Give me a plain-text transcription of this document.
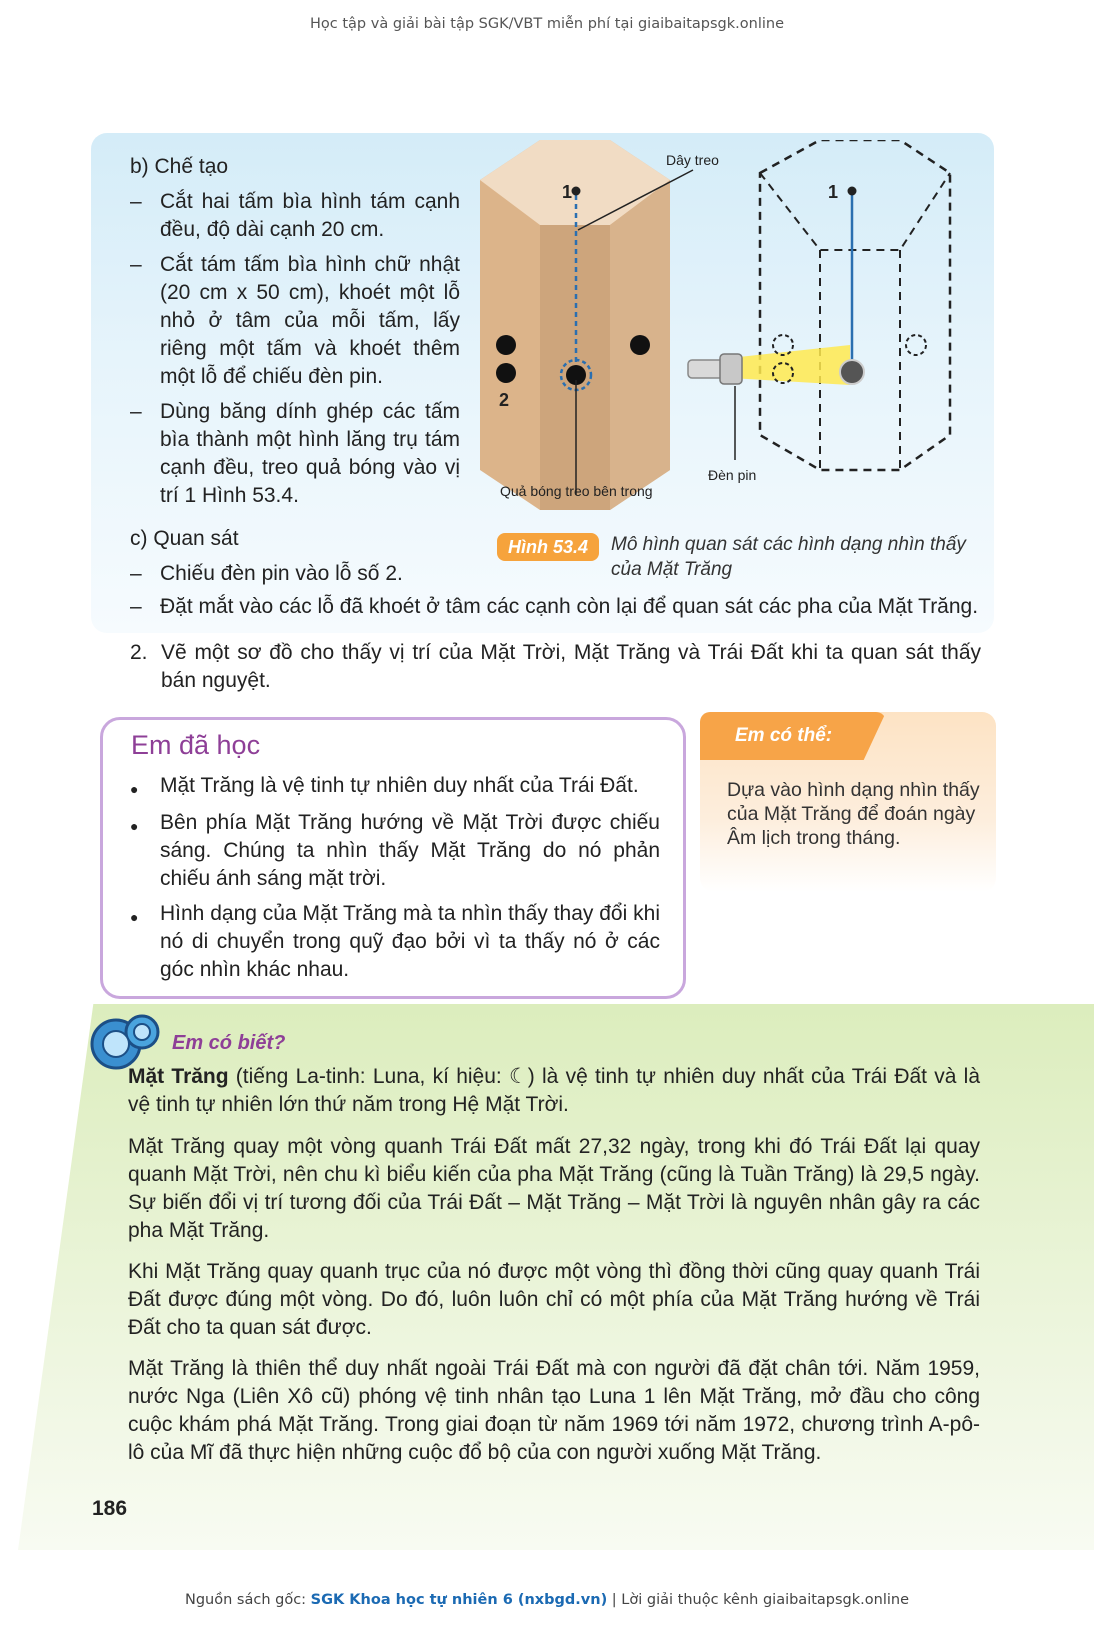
Học tập và giải bài tập SGK/VBT miễn phí tại giaibaitapsgk.online
b) Chế tạo
– Cắt hai tấm bìa hình tám cạnh đều, độ dài cạnh 20 cm.
– Cắt tám tấm bìa hình chữ nhật (20 cm x 50 cm), khoét một lỗ nhỏ ở tâm của mỗi tấm, lấy riêng một tấm và khoét thêm một lỗ để chiếu đèn pin.
– Dùng băng dính ghép các tấm bìa thành một hình lăng trụ tám cạnh đều, treo quả bóng vào vị trí 1 Hình 53.4.
1
2
1
Dây treo
Quả bóng treo bên trong
Đèn pin
Hình 53.4	Mô hình quan sát các hình dạng nhìn thấy của Mặt Trăng
c) Quan sát
– Chiếu đèn pin vào lỗ số 2.
– Đặt mắt vào các lỗ đã khoét ở tâm các cạnh còn lại để quan sát các pha của Mặt Trăng.
2. Vẽ một sơ đồ cho thấy vị trí của Mặt Trời, Mặt Trăng và Trái Đất khi ta quan sát thấy bán nguyệt.
Em đã học
● Mặt Trăng là vệ tinh tự nhiên duy nhất của Trái Đất.
● Bên phía Mặt Trăng hướng về Mặt Trời được chiếu sáng. Chúng ta nhìn thấy Mặt Trăng do nó phản chiếu ánh sáng mặt trời.
● Hình dạng của Mặt Trăng mà ta nhìn thấy thay đổi khi nó di chuyển trong quỹ đạo bởi vì ta thấy nó ở các góc nhìn khác nhau.
Em có thể:
Dựa vào hình dạng nhìn thấy của Mặt Trăng để đoán ngày Âm lịch trong tháng.
Em có biết?
Mặt Trăng (tiếng La-tinh: Luna, kí hiệu: ☾) là vệ tinh tự nhiên duy nhất của Trái Đất và là vệ tinh tự nhiên lớn thứ năm trong Hệ Mặt Trời.
Mặt Trăng quay một vòng quanh Trái Đất mất 27,32 ngày, trong khi đó Trái Đất lại quay quanh Mặt Trời, nên chu kì biểu kiến của pha Mặt Trăng (cũng là Tuần Trăng) là 29,5 ngày. Sự biến đổi vị trí tương đối của Trái Đất – Mặt Trăng – Mặt Trời là nguyên nhân gây ra các pha Mặt Trăng.
Khi Mặt Trăng quay quanh trục của nó được một vòng thì đồng thời cũng quay quanh Trái Đất được đúng một vòng. Do đó, luôn luôn chỉ có một phía của Mặt Trăng hướng về Trái Đất cho ta quan sát được.
Mặt Trăng là thiên thể duy nhất ngoài Trái Đất mà con người đã đặt chân tới. Năm 1959, nước Nga (Liên Xô cũ) phóng vệ tinh nhân tạo Luna 1 lên Mặt Trăng, mở đầu cho công cuộc khám phá Mặt Trăng. Trong giai đoạn từ năm 1969 tới năm 1972, chương trình A-pô-lô của Mĩ đã thực hiện những cuộc đổ bộ của con người xuống Mặt Trăng.
186
Nguồn sách gốc: SGK Khoa học tự nhiên 6 (nxbgd.vn) | Lời giải thuộc kênh giaibaitapsgk.online
